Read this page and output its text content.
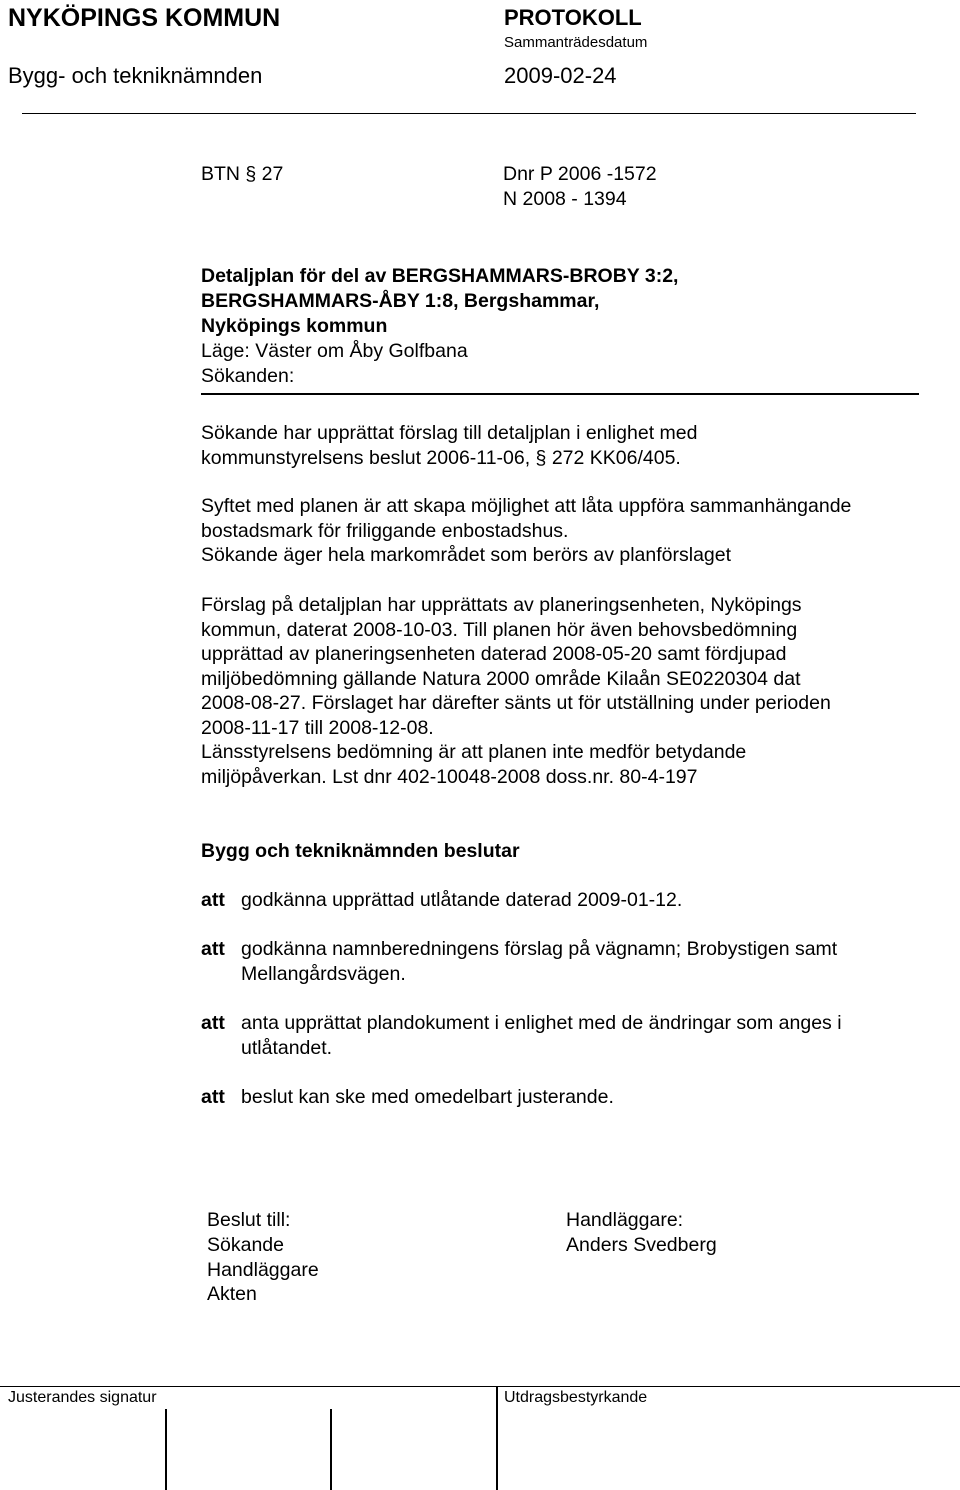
NYKÖPINGS KOMMUN	PROTOKOLL
Sammanträdesdatum
Bygg- och tekniknämnden	2009-02-24
BTN § 27	Dnr P 2006 -1572
N 2008 - 1394
Detaljplan för del av BERGSHAMMARS-BROBY 3:2,
BERGSHAMMARS-ÅBY 1:8, Bergshammar,
Nyköpings kommun
Läge: Väster om Åby Golfbana
Sökanden:
Sökande har upprättat förslag till detaljplan i enlighet med
kommunstyrelsens beslut 2006-11-06, § 272 KK06/405.
Syftet med planen är att skapa möjlighet att låta uppföra sammanhängande
bostadsmark för friliggande enbostadshus.
Sökande äger hela markområdet som berörs av planförslaget
Förslag på detaljplan har upprättats av planeringsenheten, Nyköpings
kommun, daterat 2008-10-03. Till planen hör även behovsbedömning
upprättad av planeringsenheten daterad 2008-05-20 samt fördjupad
miljöbedömning gällande Natura 2000 område Kilaån SE0220304 dat
2008-08-27. Förslaget har därefter sänts ut för utställning under perioden
2008-11-17 till 2008-12-08.
Länsstyrelsens bedömning är att planen inte medför betydande
miljöpåverkan. Lst dnr 402-10048-2008 doss.nr. 80-4-197
Bygg och tekniknämnden beslutar
att godkänna upprättad utlåtande daterad 2009-01-12.
att godkänna namnberedningens förslag på vägnamn; Brobystigen samt
Mellangårdsvägen.
att anta upprättat plandokument i enlighet med de ändringar som anges i
utlåtandet.
att beslut kan ske med omedelbart justerande.
Beslut till:
Sökande
Handläggare
Akten
Handläggare:
Anders Svedberg
Justerandes signatur	Utdragsbestyrkande
